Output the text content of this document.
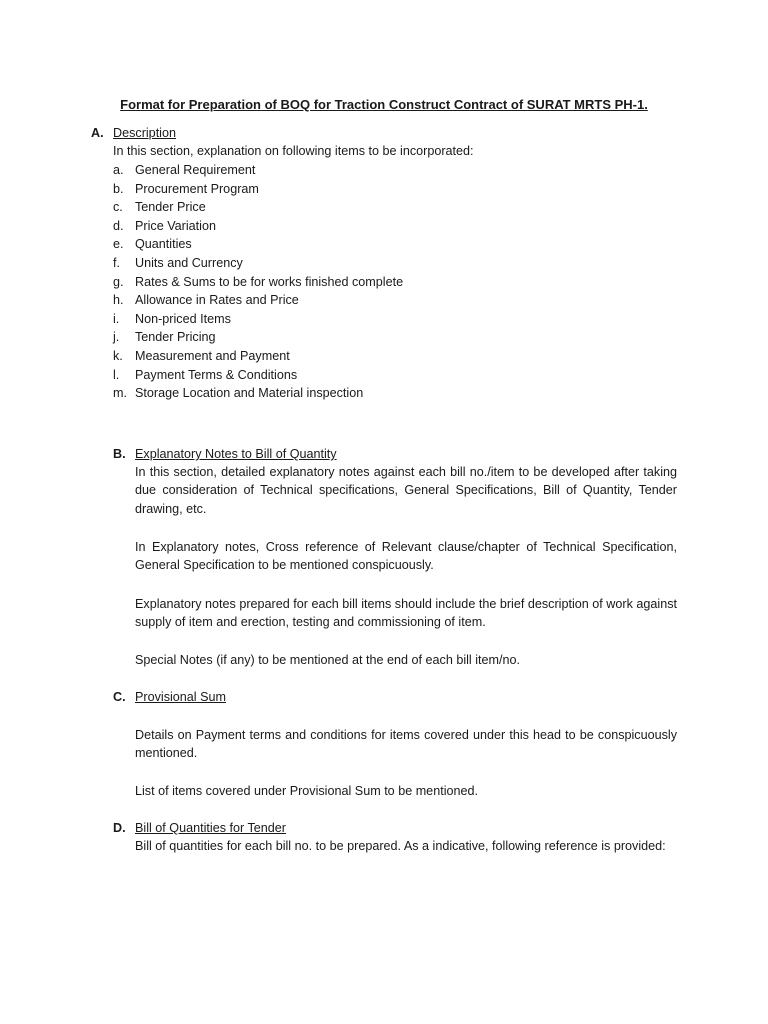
Format for Preparation of BOQ for Traction Construct Contract of SURAT MRTS PH-1.
A. Description
In this section, explanation on following items to be incorporated:
a. General Requirement
b. Procurement Program
c. Tender Price
d. Price Variation
e. Quantities
f. Units and Currency
g. Rates & Sums to be for works finished complete
h. Allowance in Rates and Price
i. Non-priced Items
j. Tender Pricing
k. Measurement and Payment
l. Payment Terms & Conditions
m. Storage Location and Material inspection
B. Explanatory Notes to Bill of Quantity
In this section, detailed explanatory notes against each bill no./item to be developed after taking due consideration of Technical specifications, General Specifications, Bill of Quantity, Tender drawing, etc.
In Explanatory notes, Cross reference of Relevant clause/chapter of Technical Specification, General Specification to be mentioned conspicuously.
Explanatory notes prepared for each bill items should include the brief description of work against supply of item and erection, testing and commissioning of item.
Special Notes (if any) to be mentioned at the end of each bill item/no.
C. Provisional Sum
Details on Payment terms and conditions for items covered under this head to be conspicuously mentioned.
List of items covered under Provisional Sum to be mentioned.
D. Bill of Quantities for Tender
Bill of quantities for each bill no. to be prepared. As a indicative, following reference is provided:
